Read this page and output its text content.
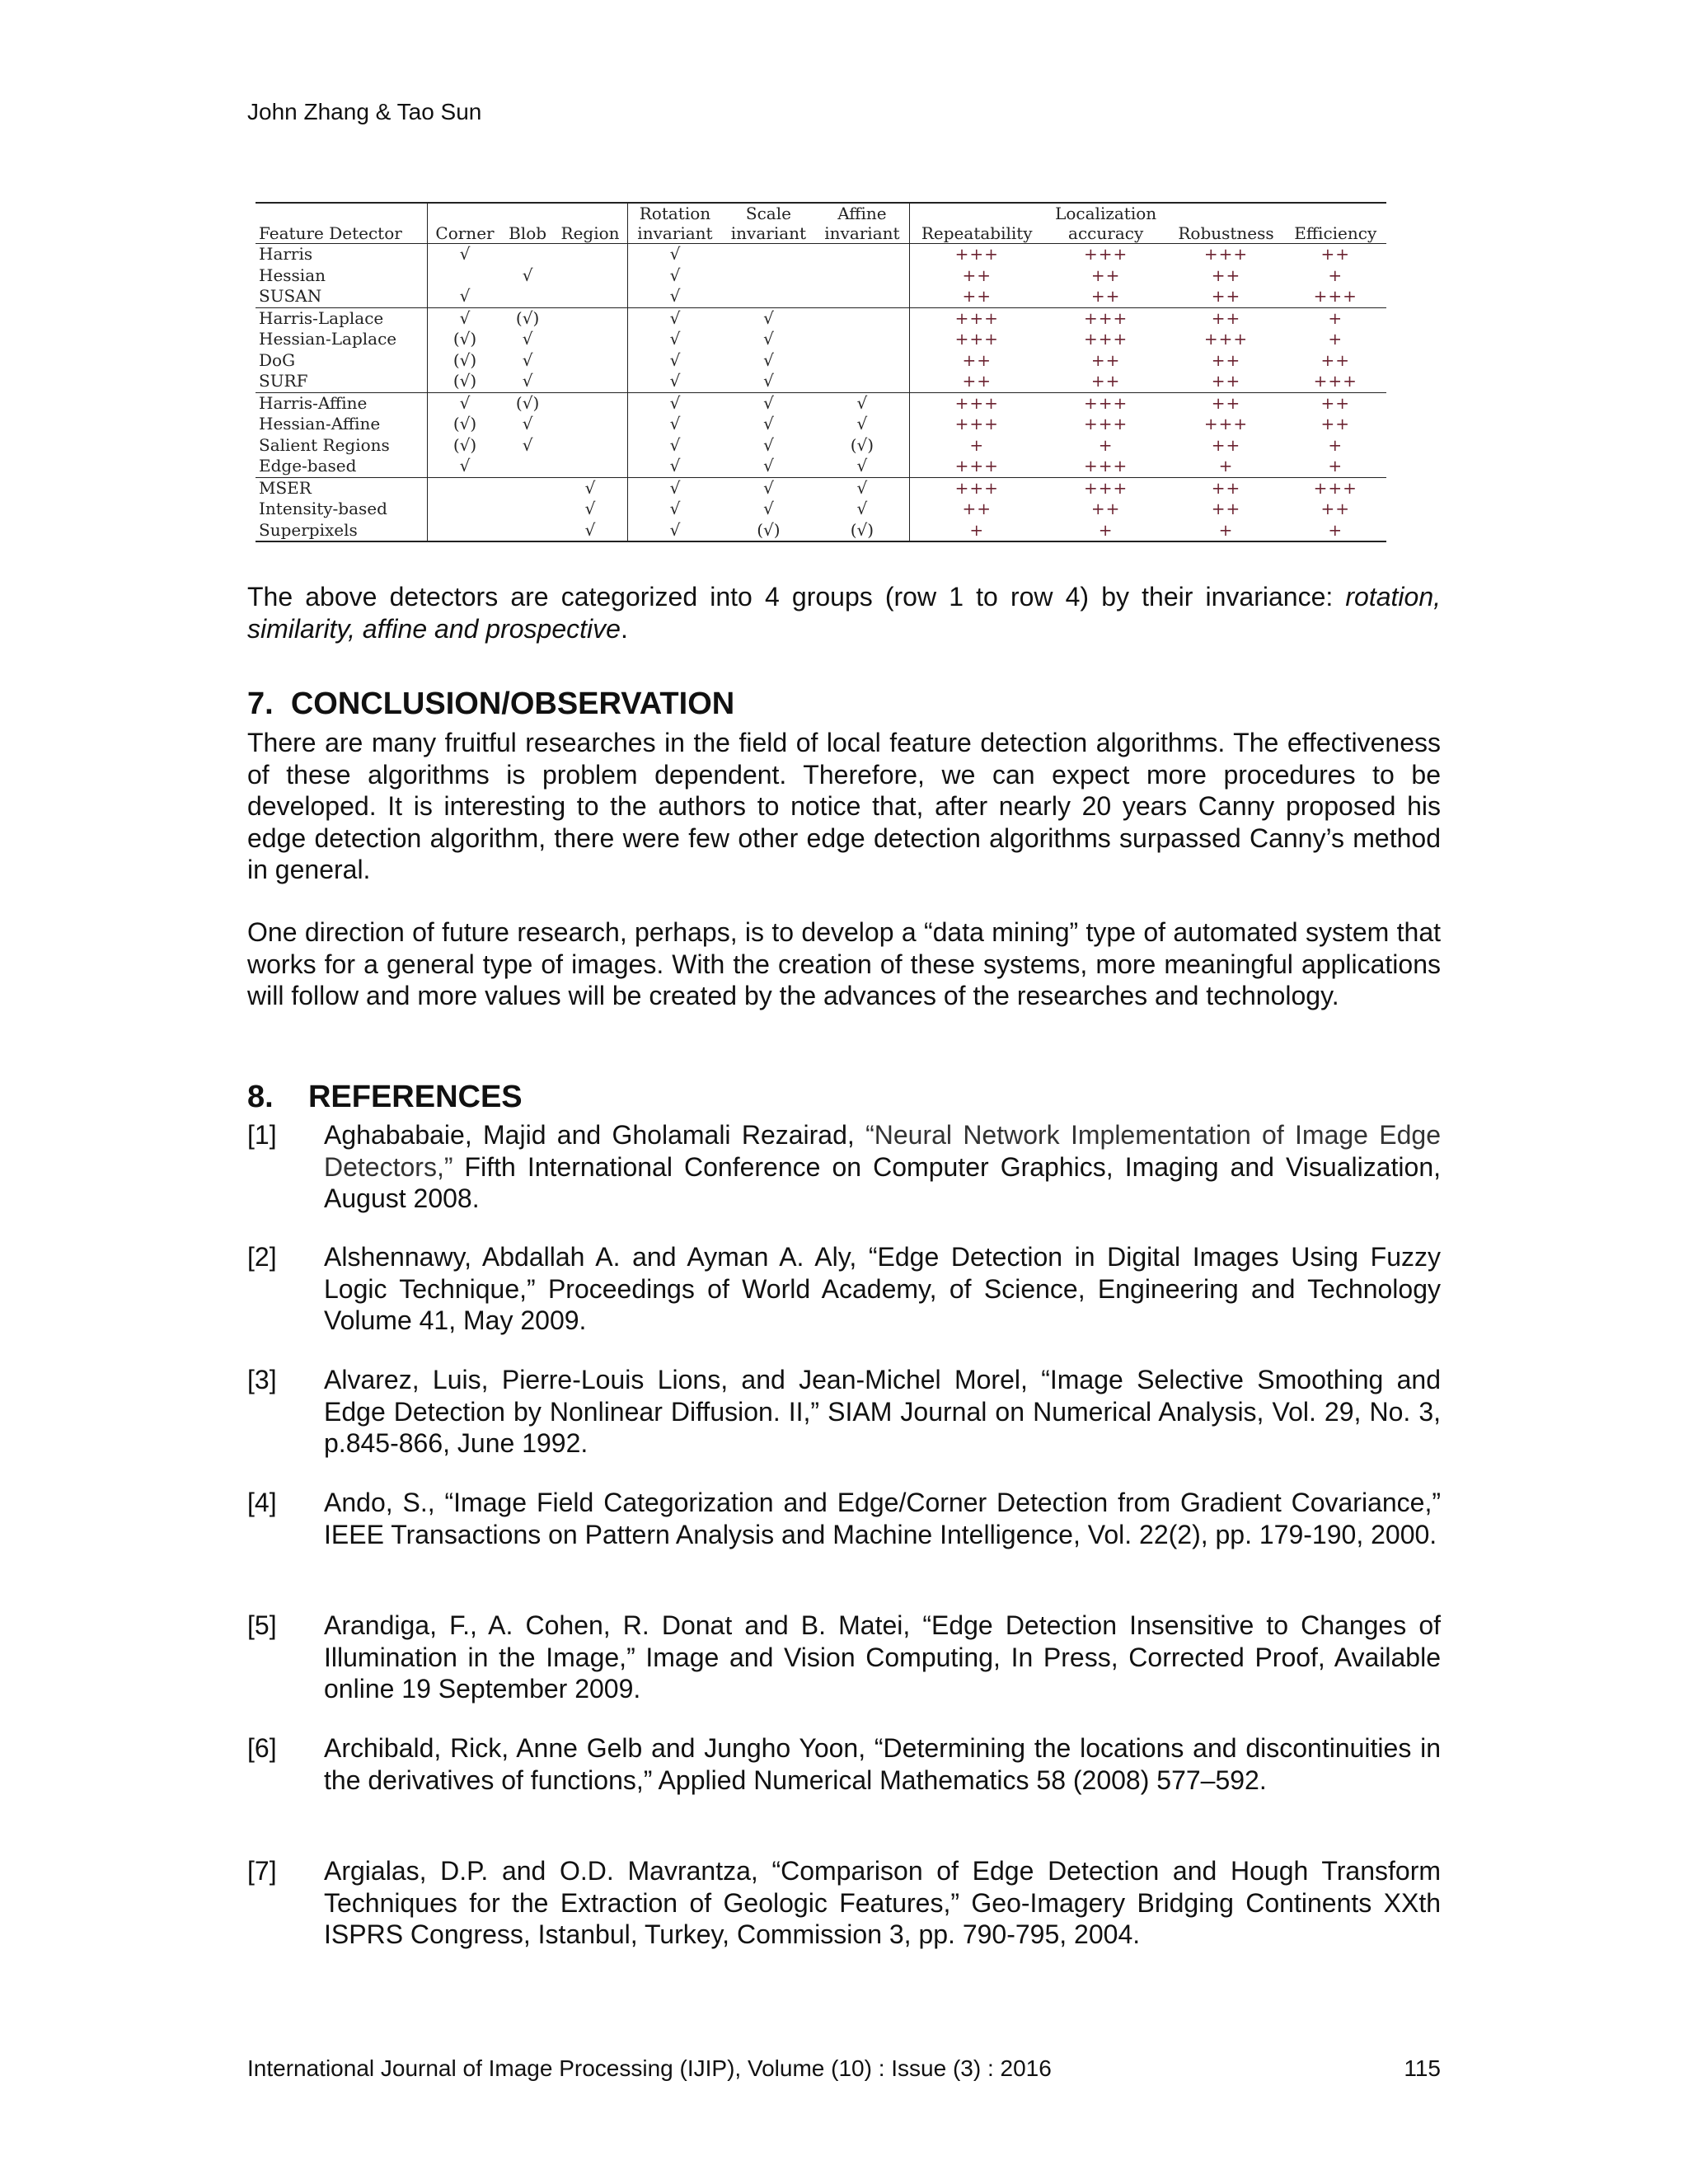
John Zhang & Tao Sun
				Rotation	Scale	Affine		Localization		
Feature Detector	Corner	Blob	Region	invariant	invariant	invariant	Repeatability	accuracy	Robustness	Efficiency
Harris	√			√			+++	+++	+++	++
Hessian		√		√			++	++	++	+
SUSAN	√			√			++	++	++	+++
Harris-Laplace	√	(√)		√	√		+++	+++	++	+
Hessian-Laplace	(√)	√		√	√		+++	+++	+++	+
DoG	(√)	√		√	√		++	++	++	++
SURF	(√)	√		√	√		++	++	++	+++
Harris-Affine	√	(√)		√	√	√	+++	+++	++	++
Hessian-Affine	(√)	√		√	√	√	+++	+++	+++	++
Salient Regions	(√)	√		√	√	(√)	+	+	++	+
Edge-based	√			√	√	√	+++	+++	+	+
MSER			√	√	√	√	+++	+++	++	+++
Intensity-based			√	√	√	√	++	++	++	++
Superpixels			√	√	(√)	(√)	+	+	+	+

The above detectors are categorized into 4 groups (row 1 to row 4) by their invariance: rotation, similarity, affine and prospective.

7. CONCLUSION/OBSERVATION

There are many fruitful researches in the field of local feature detection algorithms. The effectiveness of these algorithms is problem dependent. Therefore, we can expect more procedures to be developed. It is interesting to the authors to notice that, after nearly 20 years Canny proposed his edge detection algorithm, there were few other edge detection algorithms surpassed Canny’s method in general.

One direction of future research, perhaps, is to develop a “data mining” type of automated system that works for a general type of images. With the creation of these systems, more meaningful applications will follow and more values will be created by the advances of the researches and technology.

8. REFERENCES
[1] Aghababaie, Majid and Gholamali Rezairad, “Neural Network Implementation of Image Edge Detectors,” Fifth International Conference on Computer Graphics, Imaging and Visualization, August 2008.
[2] Alshennawy, Abdallah A. and Ayman A. Aly, “Edge Detection in Digital Images Using Fuzzy Logic Technique,” Proceedings of World Academy, of Science, Engineering and Technology Volume 41, May 2009.
[3] Alvarez, Luis, Pierre-Louis Lions, and Jean-Michel Morel, “Image Selective Smoothing and Edge Detection by Nonlinear Diffusion. II,” SIAM Journal on Numerical Analysis, Vol. 29, No. 3, p.845-866, June 1992.
[4] Ando, S., “Image Field Categorization and Edge/Corner Detection from Gradient Covariance,” IEEE Transactions on Pattern Analysis and Machine Intelligence, Vol. 22(2), pp. 179-190, 2000.
[5] Arandiga, F., A. Cohen, R. Donat and B. Matei, “Edge Detection Insensitive to Changes of Illumination in the Image,” Image and Vision Computing, In Press, Corrected Proof, Available online 19 September 2009.
[6] Archibald, Rick, Anne Gelb and Jungho Yoon, “Determining the locations and discontinuities in the derivatives of functions,” Applied Numerical Mathematics 58 (2008) 577–592.
[7] Argialas, D.P. and O.D. Mavrantza, “Comparison of Edge Detection and Hough Transform Techniques for the Extraction of Geologic Features,” Geo-Imagery Bridging Continents XXth ISPRS Congress, Istanbul, Turkey, Commission 3, pp. 790-795, 2004.
International Journal of Image Processing (IJIP), Volume (10) : Issue (3) : 2016	115
